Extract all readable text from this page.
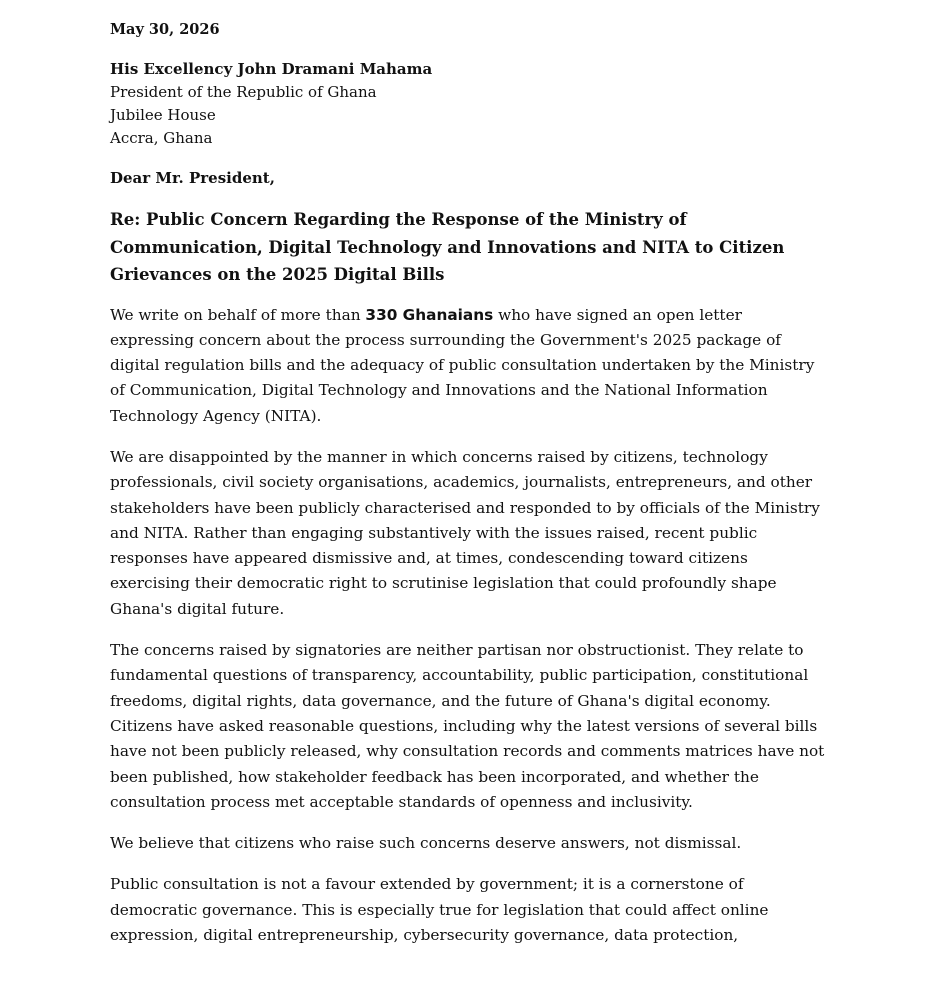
May 30, 2026
His Excellency John Dramani Mahama
President of the Republic of Ghana
Jubilee House
Accra, Ghana
Dear Mr. President,
Re: Public Concern Regarding the Response of the Ministry of Communication, Digital Technology and Innovations and NITA to Citizen Grievances on the 2025 Digital Bills

We write on behalf of more than 330 Ghanaians who have signed an open letter expressing concern about the process surrounding the Government's 2025 package of digital regulation bills and the adequacy of public consultation undertaken by the Ministry of Communication, Digital Technology and Innovations and the National Information Technology Agency (NITA).

We are disappointed by the manner in which concerns raised by citizens, technology professionals, civil society organisations, academics, journalists, entrepreneurs, and other stakeholders have been publicly characterised and responded to by officials of the Ministry and NITA. Rather than engaging substantively with the issues raised, recent public responses have appeared dismissive and, at times, condescending toward citizens exercising their democratic right to scrutinise legislation that could profoundly shape Ghana's digital future.

The concerns raised by signatories are neither partisan nor obstructionist. They relate to fundamental questions of transparency, accountability, public participation, constitutional freedoms, digital rights, data governance, and the future of Ghana's digital economy. Citizens have asked reasonable questions, including why the latest versions of several bills have not been publicly released, why consultation records and comments matrices have not been published, how stakeholder feedback has been incorporated, and whether the consultation process met acceptable standards of openness and inclusivity.

We believe that citizens who raise such concerns deserve answers, not dismissal.

Public consultation is not a favour extended by government; it is a cornerstone of democratic governance. This is especially true for legislation that could affect online expression, digital entrepreneurship, cybersecurity governance, data protection,
